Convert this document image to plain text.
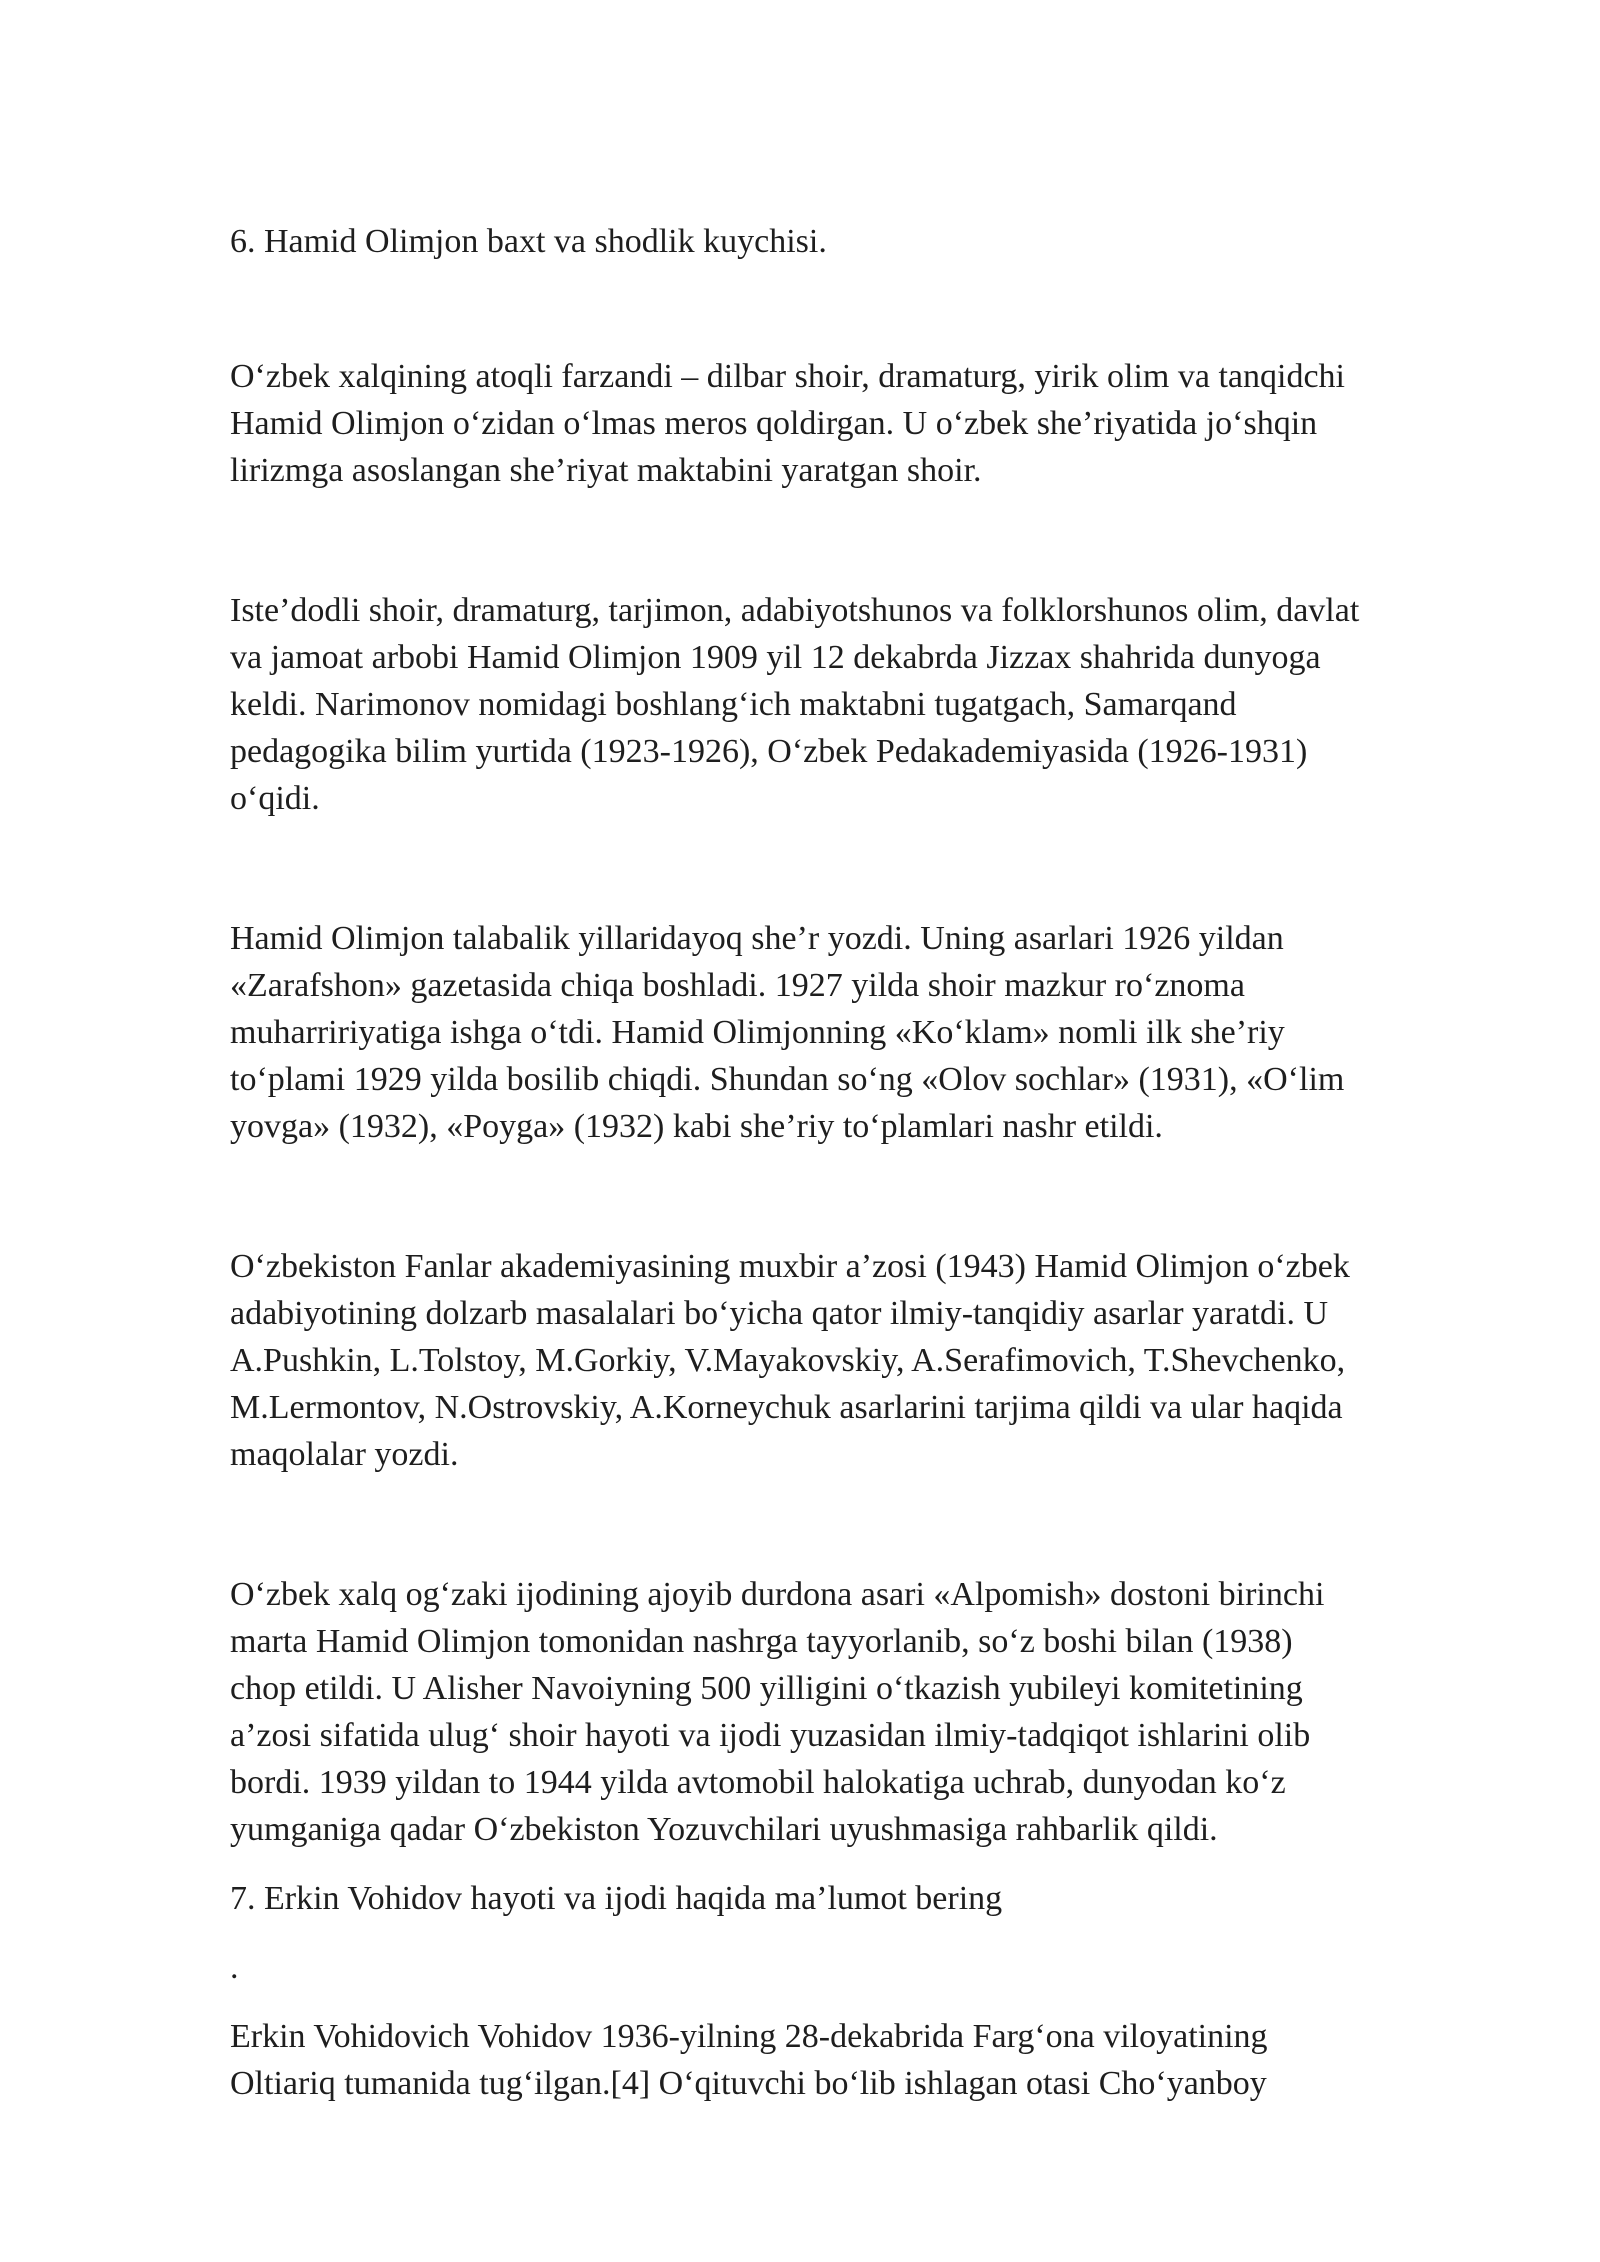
6. Hamid Olimjon baxt va shodlik kuychisi.

Oʻzbek xalqining atoqli farzandi – dilbar shoir, dramaturg, yirik olim va tanqidchi

Hamid Olimjon oʻzidan oʻlmas meros qoldirgan. U oʻzbek she’riyatida joʻshqin

lirizmga asoslangan she’riyat maktabini yaratgan shoir.

Iste’dodli shoir, dramaturg, tarjimon, adabiyotshunos va folklorshunos olim, davlat

va jamoat arbobi Hamid Olimjon 1909 yil 12 dekabrda Jizzax shahrida dunyoga

keldi. Narimonov nomidagi boshlangʻich maktabni tugatgach, Samarqand

pedagogika bilim yurtida (1923-1926), Oʻzbek Pedakademiyasida (1926-1931)

oʻqidi.

Hamid Olimjon talabalik yillaridayoq she’r yozdi. Uning asarlari 1926 yildan

«Zarafshon» gazetasida chiqa boshladi. 1927 yilda shoir mazkur roʻznoma

muharririyatiga ishga oʻtdi. Hamid Olimjonning «Koʻklam» nomli ilk she’riy

toʻplami 1929 yilda bosilib chiqdi. Shundan soʻng «Olov sochlar» (1931), «Oʻlim

yovga» (1932), «Poyga» (1932) kabi she’riy toʻplamlari nashr etildi.

Oʻzbekiston Fanlar akademiyasining muxbir a’zosi (1943) Hamid Olimjon oʻzbek

adabiyotining dolzarb masalalari boʻyicha qator ilmiy-tanqidiy asarlar yaratdi. U

A.Pushkin, L.Tolstoy, M.Gorkiy, V.Mayakovskiy, A.Serafimovich, T.Shevchenko,

M.Lermontov, N.Ostrovskiy, A.Korneychuk asarlarini tarjima qildi va ular haqida

maqolalar yozdi.

Oʻzbek xalq ogʻzaki ijodining ajoyib durdona asari «Alpomish» dostoni birinchi

marta Hamid Olimjon tomonidan nashrga tayyorlanib, soʻz boshi bilan (1938)

chop etildi. U Alisher Navoiyning 500 yilligini oʻtkazish yubileyi komitetining

a’zosi sifatida ulugʻ shoir hayoti va ijodi yuzasidan ilmiy-tadqiqot ishlarini olib

bordi. 1939 yildan to 1944 yilda avtomobil halokatiga uchrab, dunyodan koʻz

yumganiga qadar Oʻzbekiston Yozuvchilari uyushmasiga rahbarlik qildi.

7. Erkin Vohidov hayoti va ijodi haqida ma’lumot bering

.

Erkin Vohidovich Vohidov 1936-yilning 28-dekabrida Fargʻona viloyatining

Oltiariq tumanida tugʻilgan.[4] Oʻqituvchi boʻlib ishlagan otasi Choʻyanboy
